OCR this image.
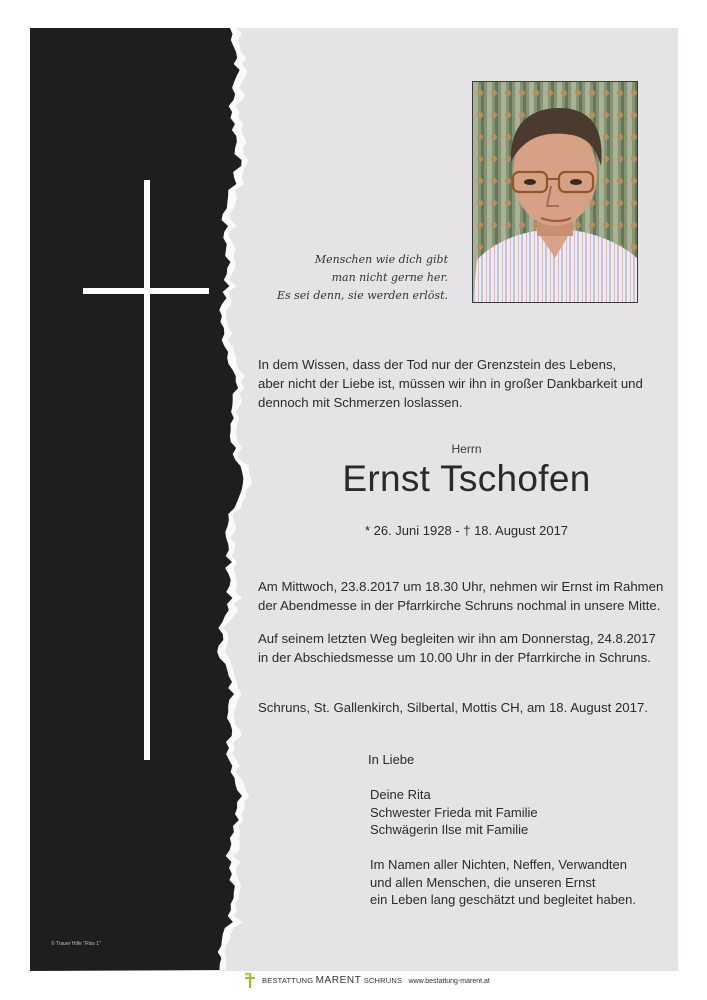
© Trauer Hilfe "Riss 1"
Menschen wie dich gibt
man nicht gerne her.
Es sei denn, sie werden erlöst.
In dem Wissen, dass der Tod nur der Grenzstein des Lebens,
aber nicht der Liebe ist, müssen wir ihn in großer Dankbarkeit und
dennoch mit Schmerzen loslassen.
Herrn
Ernst Tschofen
* 26. Juni 1928 - † 18. August 2017
Am Mittwoch, 23.8.2017 um 18.30 Uhr, nehmen wir Ernst im Rahmen
der Abendmesse in der Pfarrkirche Schruns nochmal in unsere Mitte.
Auf seinem letzten Weg begleiten wir ihn am Donnerstag, 24.8.2017
in der Abschiedsmesse um 10.00 Uhr in der Pfarrkirche in Schruns.
Schruns, St. Gallenkirch, Silbertal, Mottis CH, am 18. August 2017.
In Liebe
Deine Rita
Schwester Frieda mit Familie
Schwägerin Ilse mit Familie
Im Namen aller Nichten, Neffen, Verwandten
und allen Menschen, die unseren Ernst
ein Leben lang geschätzt und begleitet haben.
BESTATTUNG MARENT SCHRUNS www.bestattung-marent.at
